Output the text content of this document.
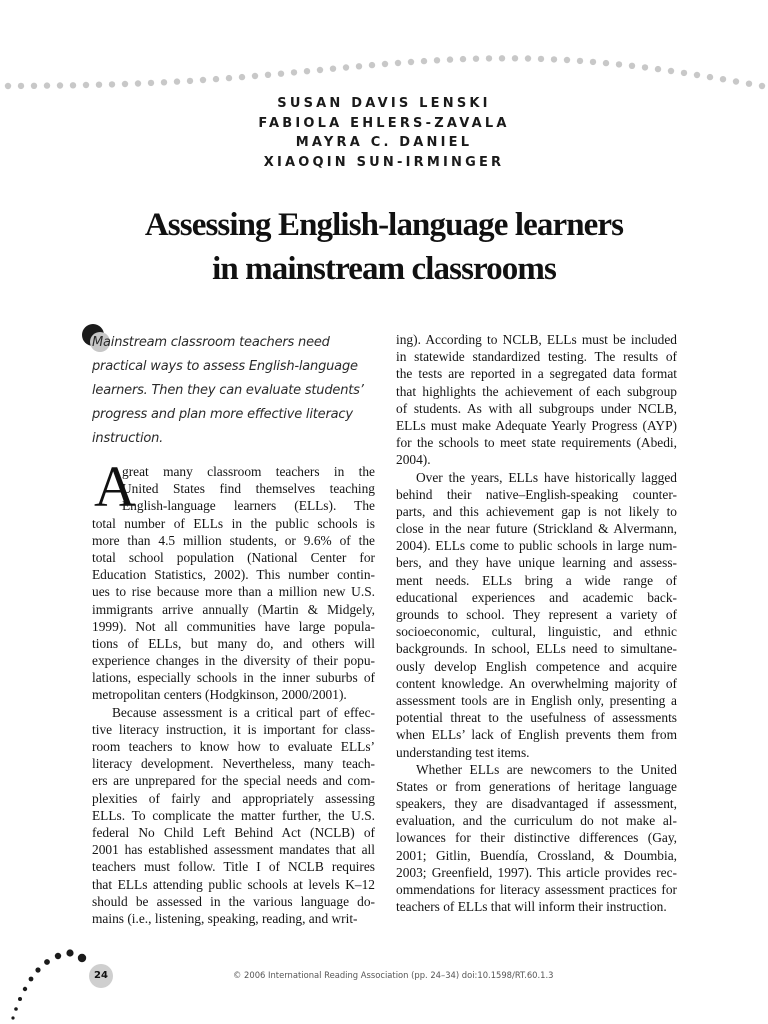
SUSAN DAVIS LENSKI
FABIOLA EHLERS-ZAVALA
MAYRA C. DANIEL
XIAOQIN SUN-IRMINGER
Assessing English-language learners
in mainstream classrooms
Mainstream classroom teachers need
practical ways to assess English-language
learners. Then they can evaluate students’
progress and plan more effective literacy
instruction.
A
great many classroom teachers in the
United States find themselves teaching
English-language learners (ELLs). The
total number of ELLs in the public schools is
more than 4.5 million students, or 9.6% of the
total school population (National Center for
Education Statistics, 2002). This number contin-
ues to rise because more than a million new U.S.
immigrants arrive annually (Martin & Midgely,
1999). Not all communities have large popula-
tions of ELLs, but many do, and others will
experience changes in the diversity of their popu-
lations, especially schools in the inner suburbs of
metropolitan centers (Hodgkinson, 2000/2001).
Because assessment is a critical part of effec-
tive literacy instruction, it is important for class-
room teachers to know how to evaluate ELLs’
literacy development. Nevertheless, many teach-
ers are unprepared for the special needs and com-
plexities of fairly and appropriately assessing
ELLs. To complicate the matter further, the U.S.
federal No Child Left Behind Act (NCLB) of
2001 has established assessment mandates that all
teachers must follow. Title I of NCLB requires
that ELLs attending public schools at levels K–12
should be assessed in the various language do-
mains (i.e., listening, speaking, reading, and writ-
ing). According to NCLB, ELLs must be included
in statewide standardized testing. The results of
the tests are reported in a segregated data format
that highlights the achievement of each subgroup
of students. As with all subgroups under NCLB,
ELLs must make Adequate Yearly Progress (AYP)
for the schools to meet state requirements (Abedi,
2004).
Over the years, ELLs have historically lagged
behind their native–English-speaking counter-
parts, and this achievement gap is not likely to
close in the near future (Strickland & Alvermann,
2004). ELLs come to public schools in large num-
bers, and they have unique learning and assess-
ment needs. ELLs bring a wide range of
educational experiences and academic back-
grounds to school. They represent a variety of
socioeconomic, cultural, linguistic, and ethnic
backgrounds. In school, ELLs need to simultane-
ously develop English competence and acquire
content knowledge. An overwhelming majority of
assessment tools are in English only, presenting a
potential threat to the usefulness of assessments
when ELLs’ lack of English prevents them from
understanding test items.
Whether ELLs are newcomers to the United
States or from generations of heritage language
speakers, they are disadvantaged if assessment,
evaluation, and the curriculum do not make al-
lowances for their distinctive differences (Gay,
2001; Gitlin, Buendía, Crossland, & Doumbia,
2003; Greenfield, 1997). This article provides rec-
ommendations for literacy assessment practices for
teachers of ELLs that will inform their instruction.
24	© 2006 International Reading Association (pp. 24–34) doi:10.1598/RT.60.1.3
